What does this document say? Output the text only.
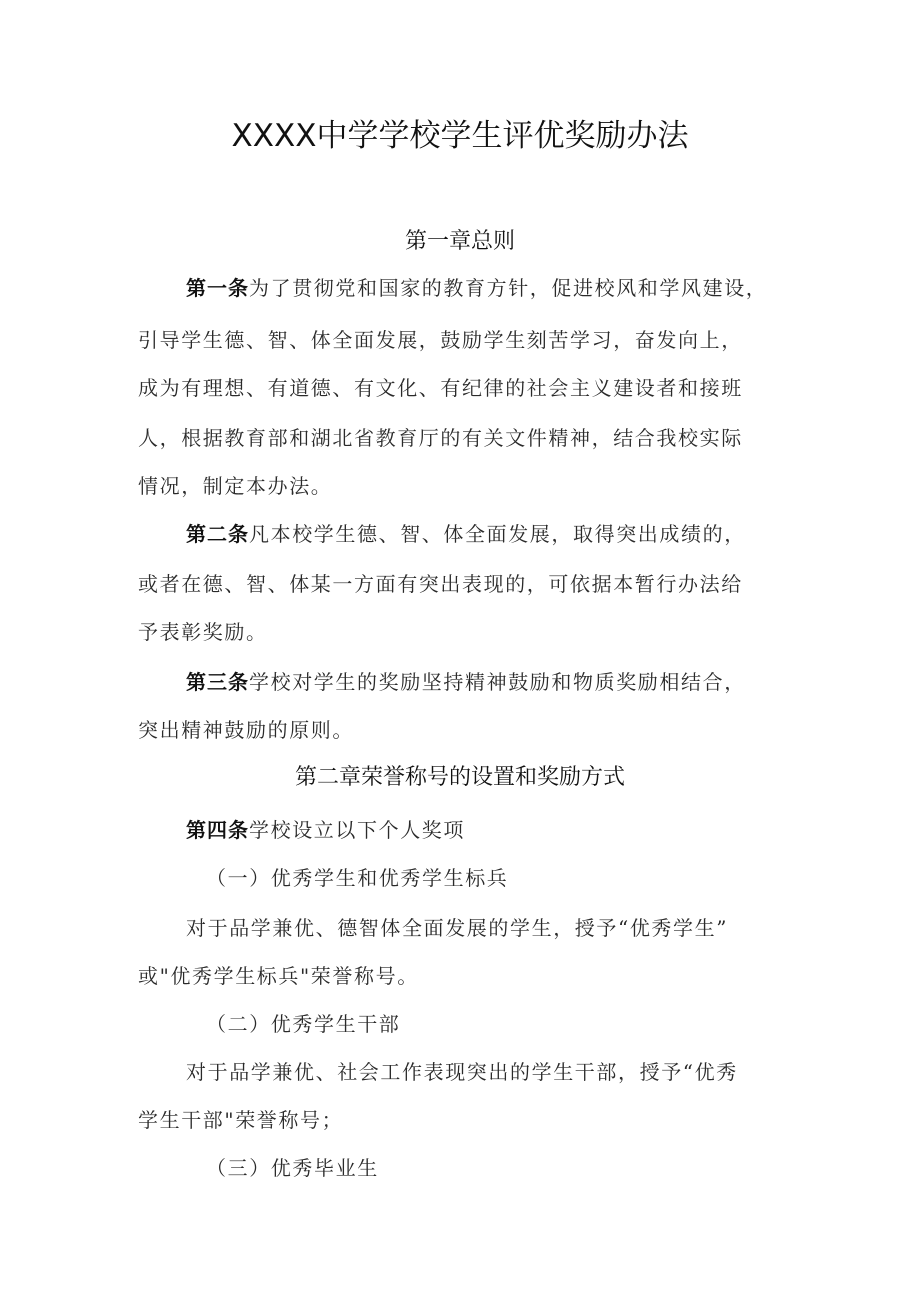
XXXX中学学校学生评优奖励办法
第一章总则
第一条为了贯彻党和国家的教育方针，促进校风和学风建设，
引导学生德、智、体全面发展，鼓励学生刻苦学习，奋发向上，
成为有理想、有道德、有文化、有纪律的社会主义建设者和接班
人，根据教育部和湖北省教育厅的有关文件精神，结合我校实际
情况，制定本办法。
第二条凡本校学生德、智、体全面发展，取得突出成绩的，
或者在德、智、体某一方面有突出表现的，可依据本暂行办法给
予表彰奖励。
第三条学校对学生的奖励坚持精神鼓励和物质奖励相结合，
突出精神鼓励的原则。
第二章荣誉称号的设置和奖励方式
第四条学校设立以下个人奖项
（一）优秀学生和优秀学生标兵
对于品学兼优、德智体全面发展的学生，授予“优秀学生”
或"优秀学生标兵"荣誉称号。
（二）优秀学生干部
对于品学兼优、社会工作表现突出的学生干部，授予“优秀
学生干部"荣誉称号；
（三）优秀毕业生
